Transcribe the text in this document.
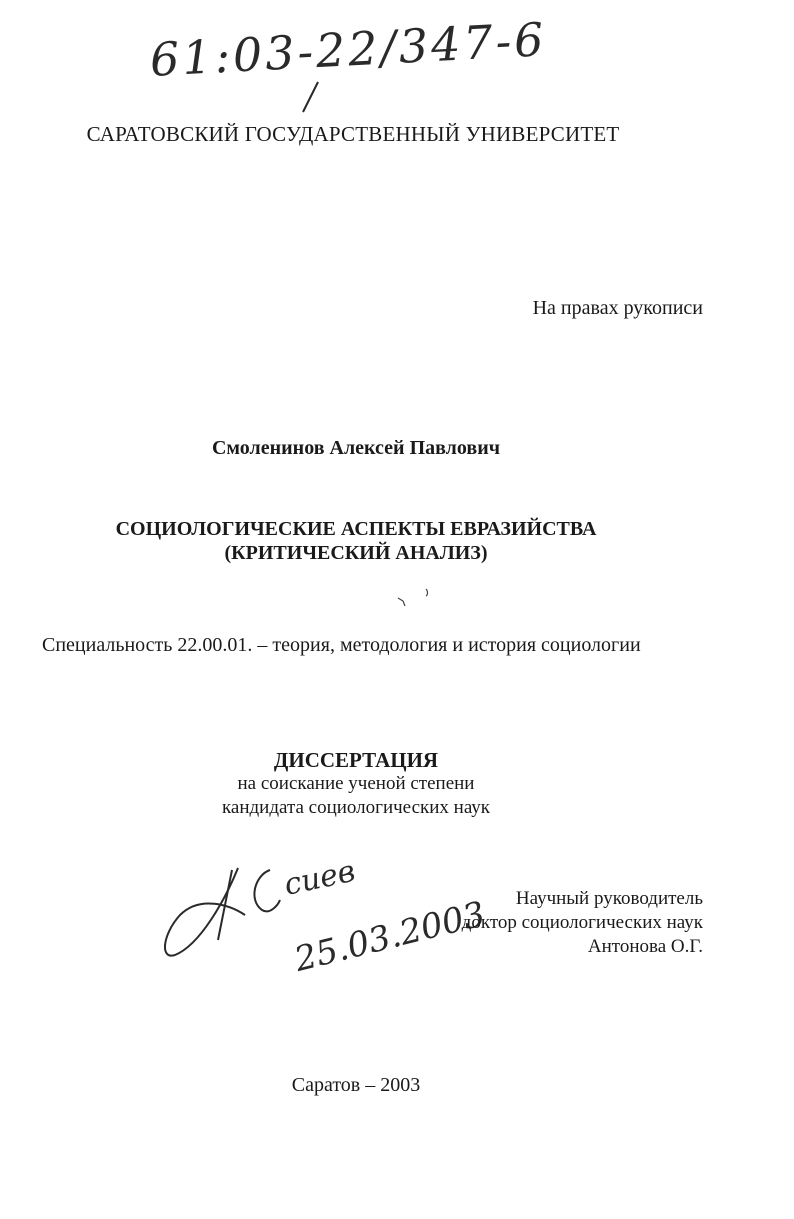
61:03-22/347-6
САРАТОВСКИЙ ГОСУДАРСТВЕННЫЙ УНИВЕРСИТЕТ
На правах рукописи
Смоленинов Алексей Павлович
СОЦИОЛОГИЧЕСКИЕ АСПЕКТЫ ЕВРАЗИЙСТВА
(КРИТИЧЕСКИЙ АНАЛИЗ)
Специальность 22.00.01. – теория, методология и история социологии
ДИССЕРТАЦИЯ
на соискание ученой степени
кандидата социологических наук
сиев
25.03.2003	Научный руководитель
доктор социологических наук
Антонова О.Г.
Саратов – 2003
